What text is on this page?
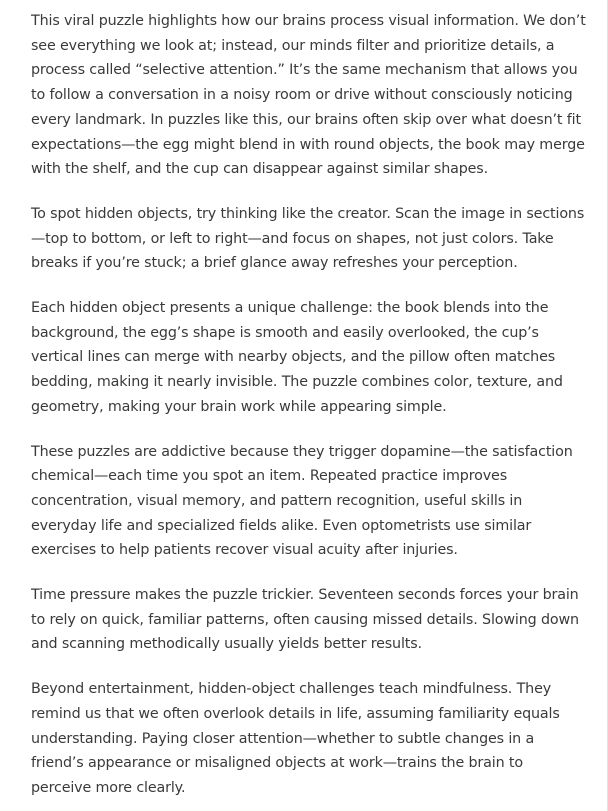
This viral puzzle highlights how our brains process visual information. We don’t see everything we look at; instead, our minds filter and prioritize details, a process called “selective attention.” It’s the same mechanism that allows you to follow a conversation in a noisy room or drive without consciously noticing every landmark. In puzzles like this, our brains often skip over what doesn’t fit expectations—the egg might blend in with round objects, the book may merge with the shelf, and the cup can disappear against similar shapes.

To spot hidden objects, try thinking like the creator. Scan the image in sections—top to bottom, or left to right—and focus on shapes, not just colors. Take breaks if you’re stuck; a brief glance away refreshes your perception.

Each hidden object presents a unique challenge: the book blends into the background, the egg’s shape is smooth and easily overlooked, the cup’s vertical lines can merge with nearby objects, and the pillow often matches bedding, making it nearly invisible. The puzzle combines color, texture, and geometry, making your brain work while appearing simple.

These puzzles are addictive because they trigger dopamine—the satisfaction chemical—each time you spot an item. Repeated practice improves concentration, visual memory, and pattern recognition, useful skills in everyday life and specialized fields alike. Even optometrists use similar exercises to help patients recover visual acuity after injuries.

Time pressure makes the puzzle trickier. Seventeen seconds forces your brain to rely on quick, familiar patterns, often causing missed details. Slowing down and scanning methodically usually yields better results.

Beyond entertainment, hidden-object challenges teach mindfulness. They remind us that we often overlook details in life, assuming familiarity equals understanding. Paying closer attention—whether to subtle changes in a friend’s appearance or misaligned objects at work—trains the brain to perceive more clearly.
